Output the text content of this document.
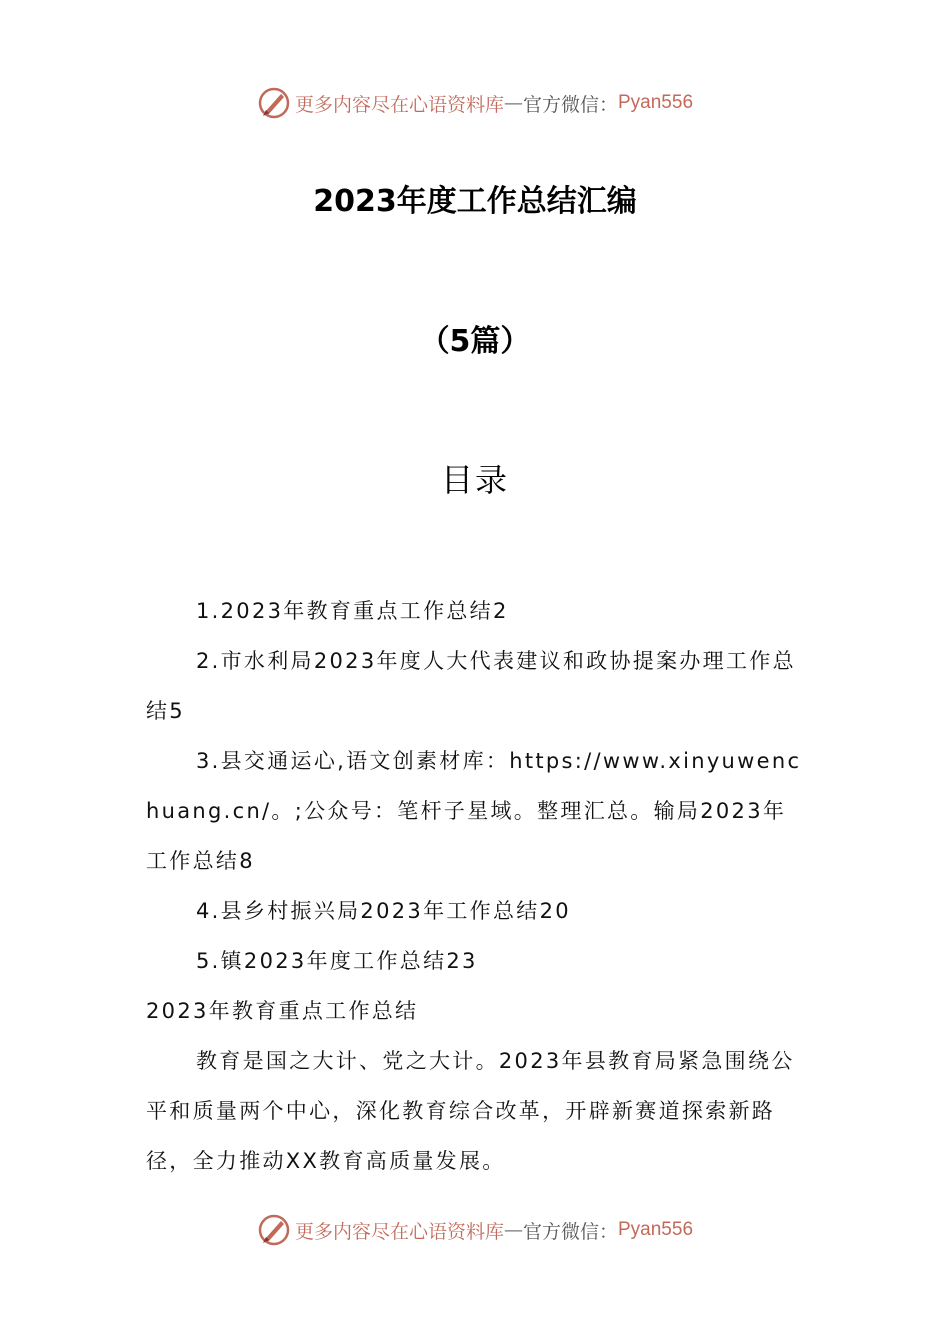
更多内容尽在心语资料库 — 官方微信： Pyan556
2023年度工作总结汇编
（5篇）
目录

1.2023年教育重点工作总结2

2.市水利局2023年度人大代表建议和政协提案办理工作总结5

3.县交通运心,语文创素材库：https://www.xinyuwenchuang.cn/。;公众号：笔杆子星域。整理汇总。输局2023年工作总结8

4.县乡村振兴局2023年工作总结20

5.镇2023年度工作总结23

2023年教育重点工作总结

教育是国之大计、党之大计。2023年县教育局紧急围绕公平和质量两个中心，深化教育综合改革，开辟新赛道探索新路径，全力推动XX教育高质量发展。

更多内容尽在心语资料库 — 官方微信： Pyan556
